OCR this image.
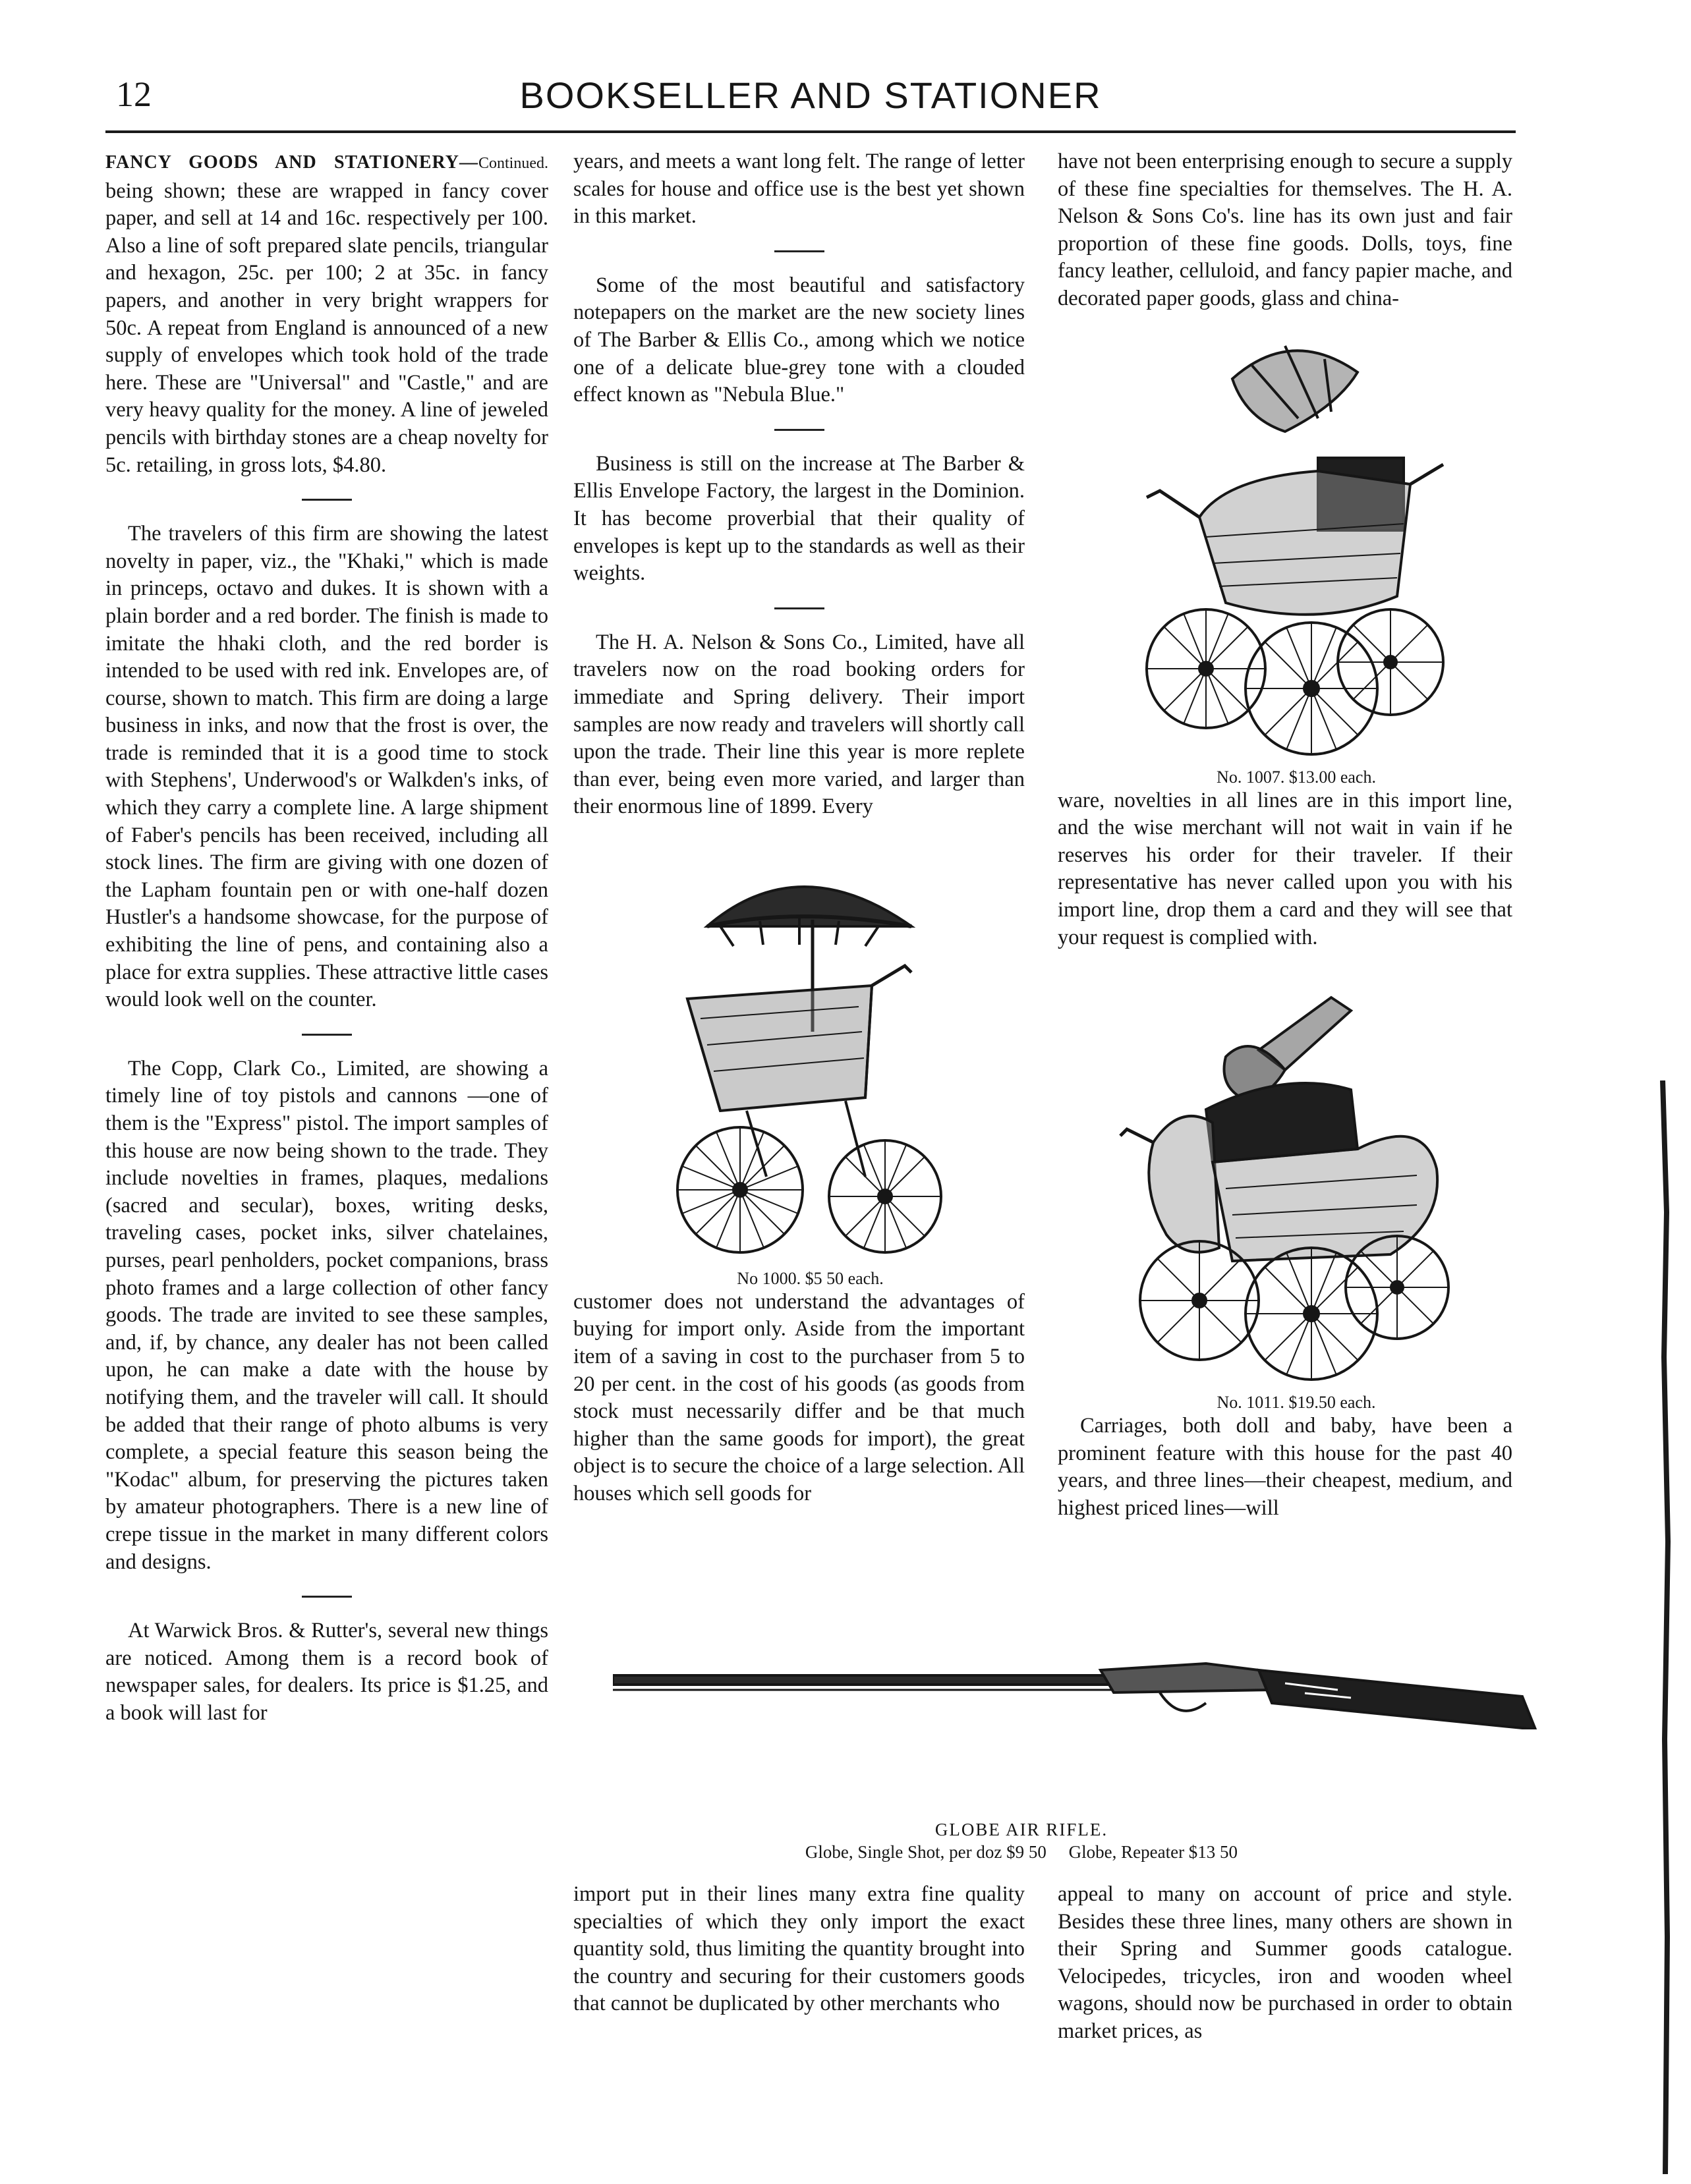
12	BOOKSELLER AND STATIONER

FANCY GOODS AND STATIONERY—Continued. being shown; these are wrapped in fancy cover paper, and sell at 14 and 16c. respectively per 100. Also a line of soft prepared slate pencils, triangular and hexagon, 25c. per 100; 2 at 35c. in fancy papers, and another in very bright wrappers for 50c. A repeat from England is announced of a new supply of envelopes which took hold of the trade here. These are "Universal" and "Castle," and are very heavy quality for the money. A line of jeweled pencils with birthday stones are a cheap novelty for 5c. retailing, in gross lots, $4.80.

The travelers of this firm are showing the latest novelty in paper, viz., the "Khaki," which is made in princeps, octavo and dukes. It is shown with a plain border and a red border. The finish is made to imitate the hhaki cloth, and the red border is intended to be used with red ink. Envelopes are, of course, shown to match. This firm are doing a large business in inks, and now that the frost is over, the trade is reminded that it is a good time to stock with Stephens', Underwood's or Walkden's inks, of which they carry a complete line. A large shipment of Faber's pencils has been received, including all stock lines. The firm are giving with one dozen of the Lapham fountain pen or with one-half dozen Hustler's a handsome showcase, for the purpose of exhibiting the line of pens, and containing also a place for extra supplies. These attractive little cases would look well on the counter.

The Copp, Clark Co., Limited, are showing a timely line of toy pistols and cannons —one of them is the "Express" pistol. The import samples of this house are now being shown to the trade. They include novelties in frames, plaques, medalions (sacred and secular), boxes, writing desks, traveling cases, pocket inks, silver chatelaines, purses, pearl penholders, pocket companions, brass photo frames and a large collection of other fancy goods. The trade are invited to see these samples, and, if, by chance, any dealer has not been called upon, he can make a date with the house by notifying them, and the traveler will call. It should be added that their range of photo albums is very complete, a special feature this season being the "Kodac" album, for preserving the pictures taken by amateur photographers. There is a new line of crepe tissue in the market in many different colors and designs.

At Warwick Bros. & Rutter's, several new things are noticed. Among them is a record book of newspaper sales, for dealers. Its price is $1.25, and a book will last for

years, and meets a want long felt. The range of letter scales for house and office use is the best yet shown in this market.

Some of the most beautiful and satisfactory notepapers on the market are the new society lines of The Barber & Ellis Co., among which we notice one of a delicate blue-grey tone with a clouded effect known as "Nebula Blue."

Business is still on the increase at The Barber & Ellis Envelope Factory, the largest in the Dominion. It has become proverbial that their quality of envelopes is kept up to the standards as well as their weights.

The H. A. Nelson & Sons Co., Limited, have all travelers now on the road booking orders for immediate and Spring delivery. Their import samples are now ready and travelers will shortly call upon the trade. Their line this year is more replete than ever, being even more varied, and larger than their enormous line of 1899. Every

No 1000. $5 50 each.

customer does not understand the advantages of buying for import only. Aside from the important item of a saving in cost to the purchaser from 5 to 20 per cent. in the cost of his goods (as goods from stock must necessarily differ and be that much higher than the same goods for import), the great object is to secure the choice of a large selection. All houses which sell goods for

have not been enterprising enough to secure a supply of these fine specialties for themselves. The H. A. Nelson & Sons Co's. line has its own just and fair proportion of these fine goods. Dolls, toys, fine fancy leather, celluloid, and fancy papier mache, and decorated paper goods, glass and china-

No. 1007. $13.00 each.

ware, novelties in all lines are in this import line, and the wise merchant will not wait in vain if he reserves his order for their traveler. If their representative has never called upon you with his import line, drop them a card and they will see that your request is complied with.

No. 1011. $19.50 each.

Carriages, both doll and baby, have been a prominent feature with this house for the past 40 years, and three lines—their cheapest, medium, and highest priced lines—will

GLOBE AIR RIFLE.
Globe, Single Shot, per doz $9 50     Globe, Repeater $13 50

import put in their lines many extra fine quality specialties of which they only import the exact quantity sold, thus limiting the quantity brought into the country and securing for their customers goods that cannot be duplicated by other merchants who

appeal to many on account of price and style. Besides these three lines, many others are shown in their Spring and Summer goods catalogue. Velocipedes, tricycles, iron and wooden wheel wagons, should now be purchased in order to obtain market prices, as
